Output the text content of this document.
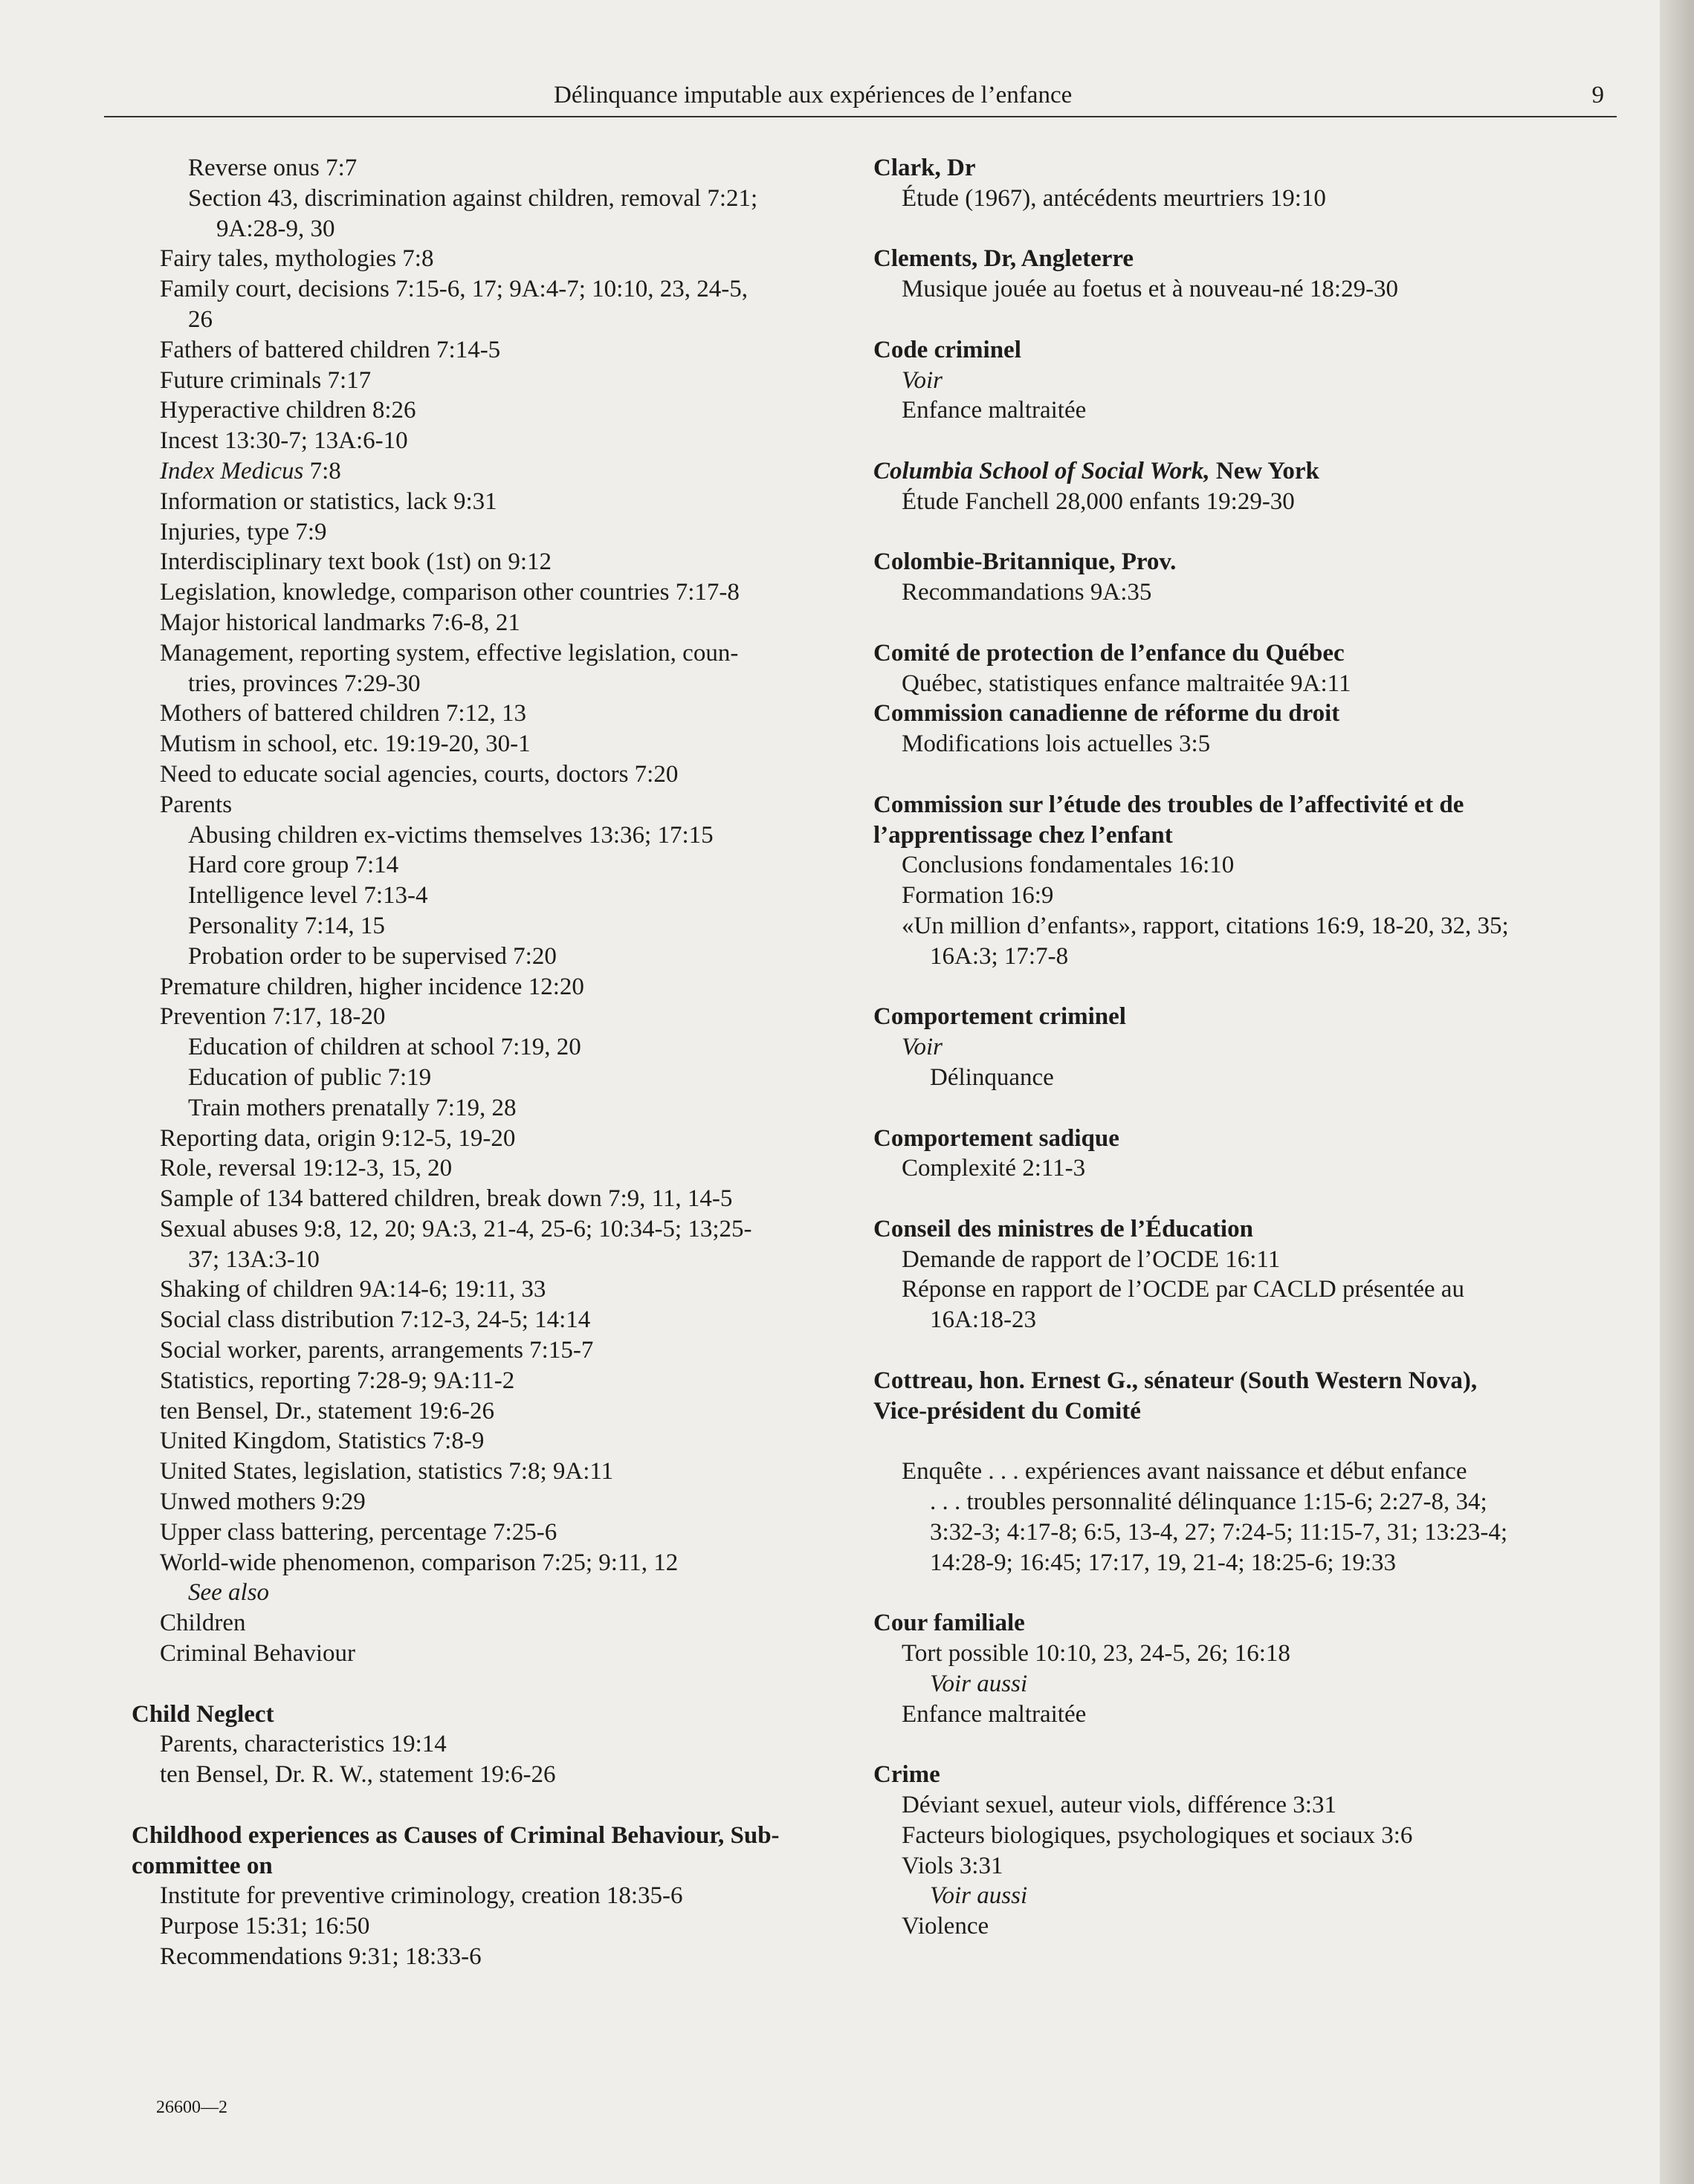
Délinquance imputable aux expériences de l’enfance	9
Reverse onus 7:7
Section 43, discrimination against children, removal 7:21;
9A:28-9, 30
Fairy tales, mythologies 7:8
Family court, decisions 7:15-6, 17; 9A:4-7; 10:10, 23, 24-5,
26
Fathers of battered children 7:14-5
Future criminals 7:17
Hyperactive children 8:26
Incest 13:30-7; 13A:6-10
Index Medicus 7:8
Information or statistics, lack 9:31
Injuries, type 7:9
Interdisciplinary text book (1st) on 9:12
Legislation, knowledge, comparison other countries 7:17-8
Major historical landmarks 7:6-8, 21
Management, reporting system, effective legislation, coun-
tries, provinces 7:29-30
Mothers of battered children 7:12, 13
Mutism in school, etc. 19:19-20, 30-1
Need to educate social agencies, courts, doctors 7:20
Parents
Abusing children ex-victims themselves 13:36; 17:15
Hard core group 7:14
Intelligence level 7:13-4
Personality 7:14, 15
Probation order to be supervised 7:20
Premature children, higher incidence 12:20
Prevention 7:17, 18-20
Education of children at school 7:19, 20
Education of public 7:19
Train mothers prenatally 7:19, 28
Reporting data, origin 9:12-5, 19-20
Role, reversal 19:12-3, 15, 20
Sample of 134 battered children, break down 7:9, 11, 14-5
Sexual abuses 9:8, 12, 20; 9A:3, 21-4, 25-6; 10:34-5; 13;25-
37; 13A:3-10
Shaking of children 9A:14-6; 19:11, 33
Social class distribution 7:12-3, 24-5; 14:14
Social worker, parents, arrangements 7:15-7
Statistics, reporting 7:28-9; 9A:11-2
ten Bensel, Dr., statement 19:6-26
United Kingdom, Statistics 7:8-9
United States, legislation, statistics 7:8; 9A:11
Unwed mothers 9:29
Upper class battering, percentage 7:25-6
World-wide phenomenon, comparison 7:25; 9:11, 12
See also
Children
Criminal Behaviour
Child Neglect
Parents, characteristics 19:14
ten Bensel, Dr. R. W., statement 19:6-26
Childhood experiences as Causes of Criminal Behaviour, Sub-
committee on
Institute for preventive criminology, creation 18:35-6
Purpose 15:31; 16:50
Recommendations 9:31; 18:33-6
Clark, Dr
Étude (1967), antécédents meurtriers 19:10
Clements, Dr, Angleterre
Musique jouée au foetus et à nouveau-né 18:29-30
Code criminel
Voir
Enfance maltraitée
Columbia School of Social Work, New York
Étude Fanchell 28,000 enfants 19:29-30
Colombie-Britannique, Prov.
Recommandations 9A:35
Comité de protection de l’enfance du Québec
Québec, statistiques enfance maltraitée 9A:11
Commission canadienne de réforme du droit
Modifications lois actuelles 3:5
Commission sur l’étude des troubles de l’affectivité et de
l’apprentissage chez l’enfant
Conclusions fondamentales 16:10
Formation 16:9
«Un million d’enfants», rapport, citations 16:9, 18-20, 32, 35;
16A:3; 17:7-8
Comportement criminel
Voir
Délinquance
Comportement sadique
Complexité 2:11-3
Conseil des ministres de l’Éducation
Demande de rapport de l’OCDE 16:11
Réponse en rapport de l’OCDE par CACLD présentée au
16A:18-23
Cottreau, hon. Ernest G., sénateur (South Western Nova),
Vice-président du Comité
Enquête . . . expériences avant naissance et début enfance
. . . troubles personnalité délinquance 1:15-6; 2:27-8, 34;
3:32-3; 4:17-8; 6:5, 13-4, 27; 7:24-5; 11:15-7, 31; 13:23-4;
14:28-9; 16:45; 17:17, 19, 21-4; 18:25-6; 19:33
Cour familiale
Tort possible 10:10, 23, 24-5, 26; 16:18
Voir aussi
Enfance maltraitée
Crime
Déviant sexuel, auteur viols, différence 3:31
Facteurs biologiques, psychologiques et sociaux 3:6
Viols 3:31
Voir aussi
Violence
26600—2
